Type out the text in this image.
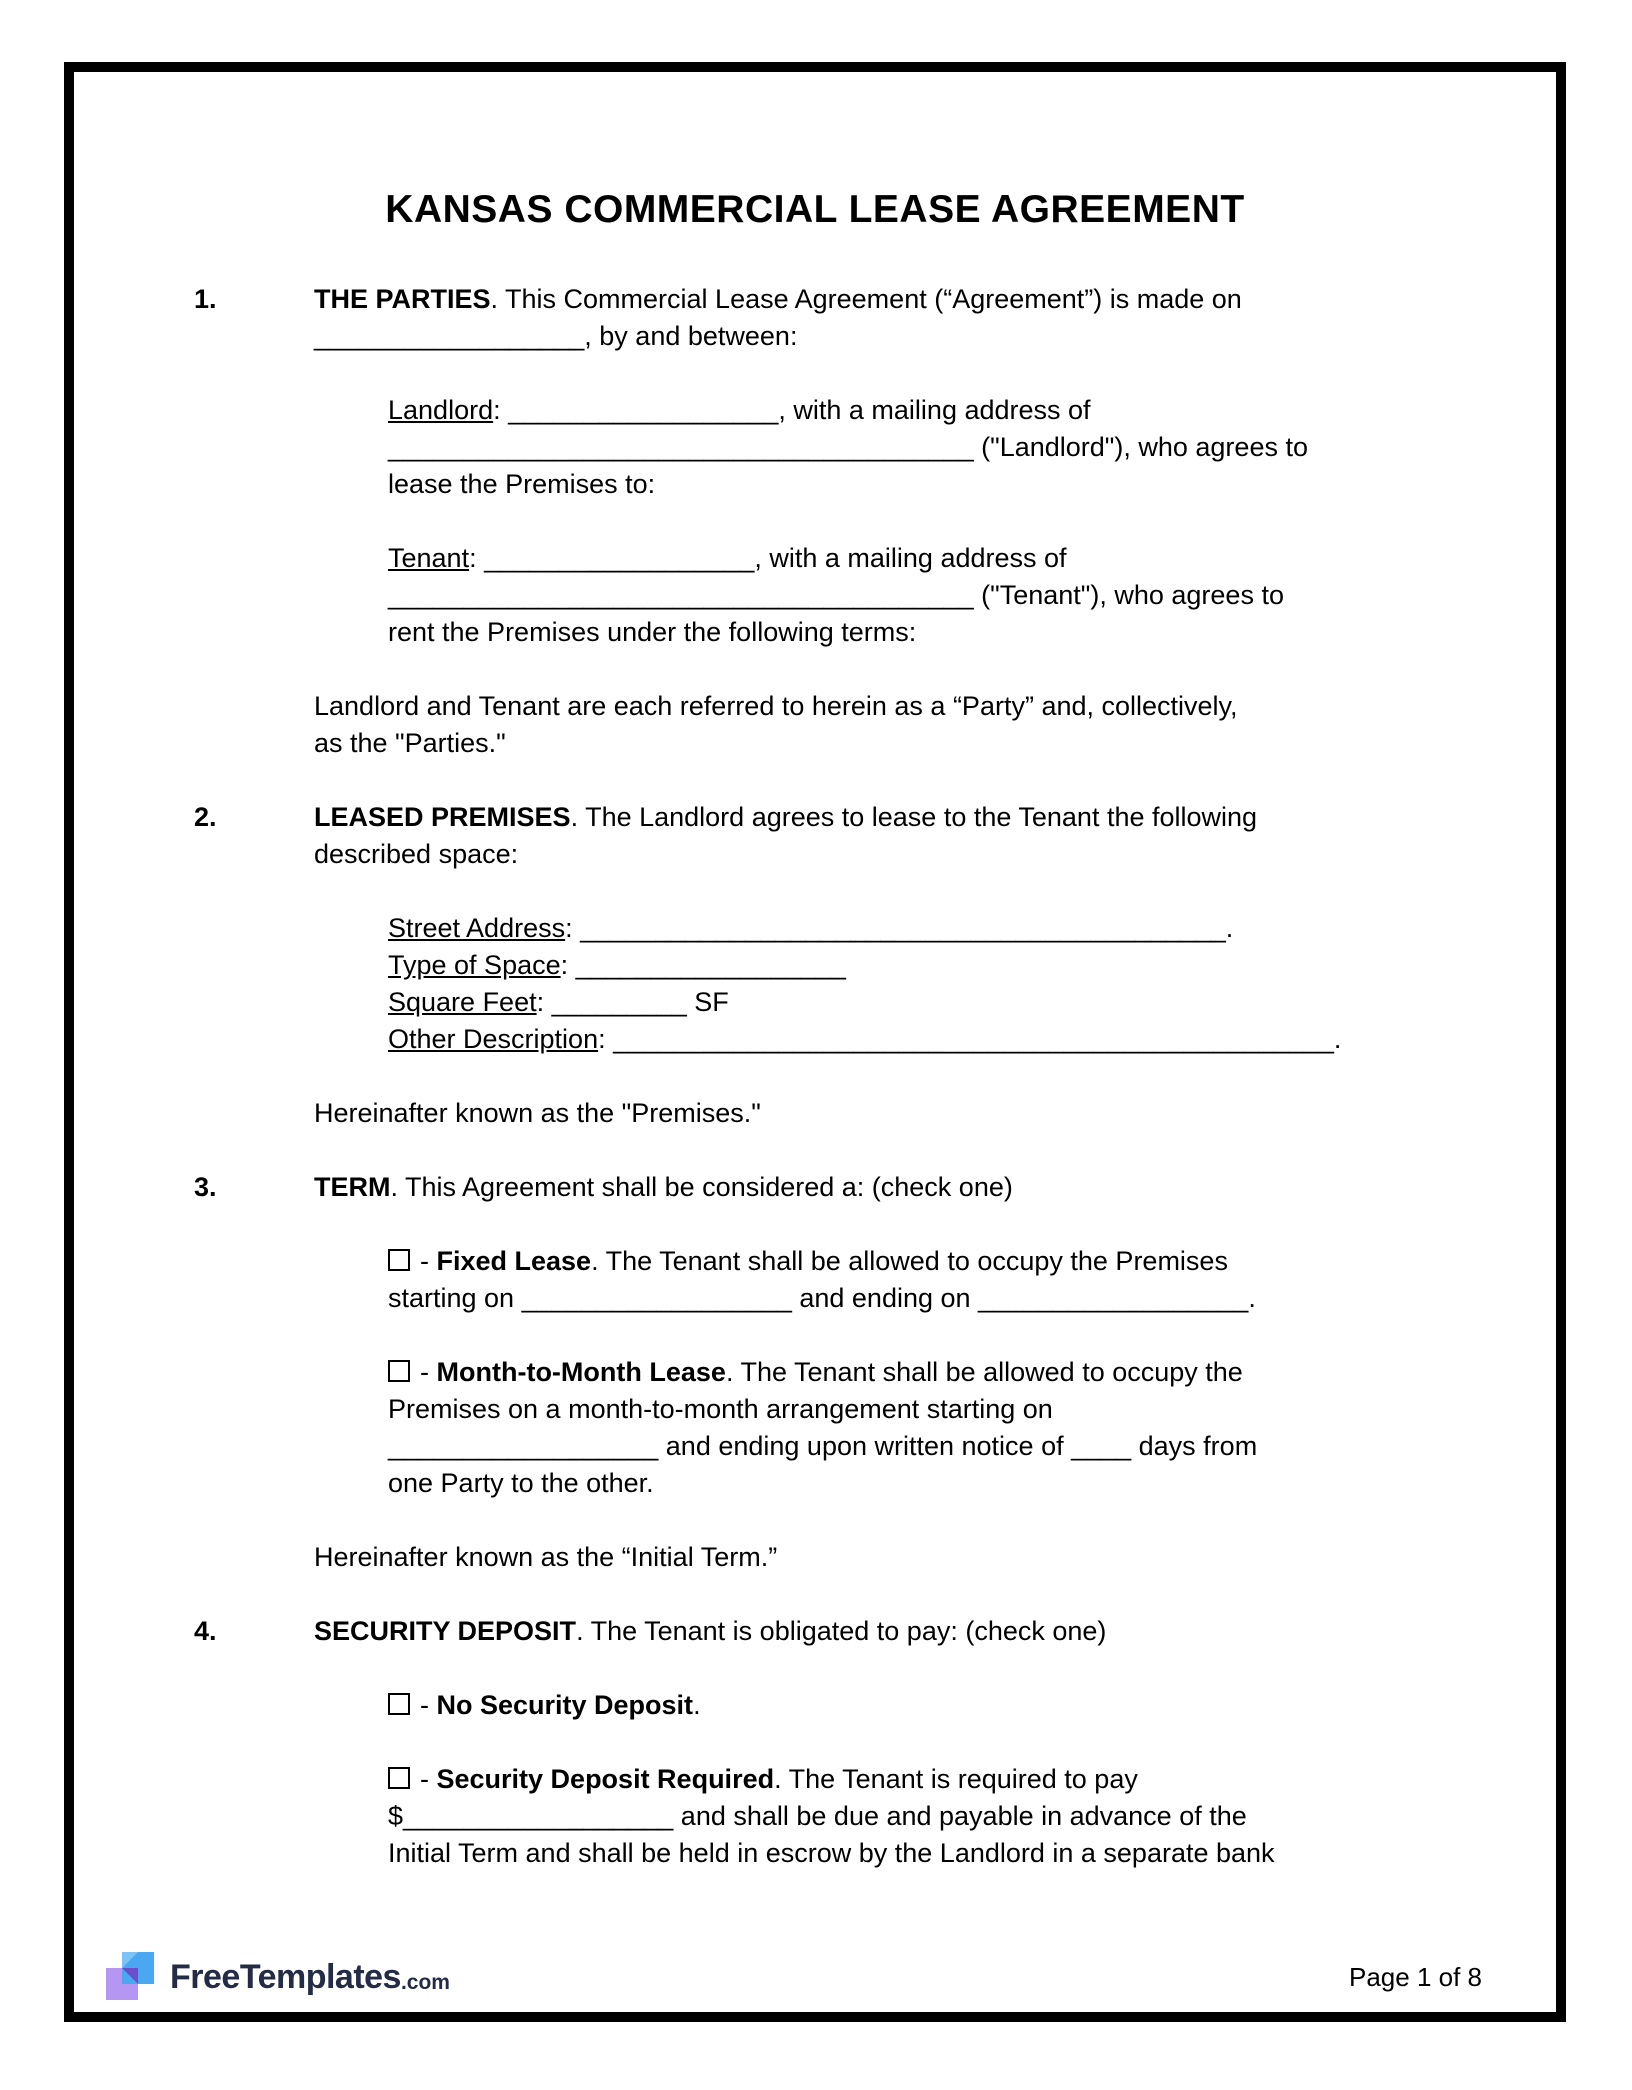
KANSAS COMMERCIAL LEASE AGREEMENT
1.	THE PARTIES. This Commercial Lease Agreement (“Agreement”) is made on
__________________, by and between:
Landlord: __________________, with a mailing address of
_______________________________________ ("Landlord"), who agrees to
lease the Premises to:
Tenant: __________________, with a mailing address of
_______________________________________ ("Tenant"), who agrees to
rent the Premises under the following terms:
Landlord and Tenant are each referred to herein as a “Party” and, collectively,
as the "Parties."
2.	LEASED PREMISES. The Landlord agrees to lease to the Tenant the following
described space:
Street Address: ___________________________________________.
Type of Space: __________________
Square Feet: _________ SF
Other Description: ________________________________________________.
Hereinafter known as the "Premises."
3.	TERM. This Agreement shall be considered a: (check one)
- Fixed Lease. The Tenant shall be allowed to occupy the Premises
starting on __________________ and ending on __________________.
- Month-to-Month Lease. The Tenant shall be allowed to occupy the
Premises on a month-to-month arrangement starting on
__________________ and ending upon written notice of ____ days from
one Party to the other.
Hereinafter known as the “Initial Term.”
4.	SECURITY DEPOSIT. The Tenant is obligated to pay: (check one)
- No Security Deposit.
- Security Deposit Required. The Tenant is required to pay
$__________________ and shall be due and payable in advance of the
Initial Term and shall be held in escrow by the Landlord in a separate bank
FreeTemplates .com	Page 1 of 8
